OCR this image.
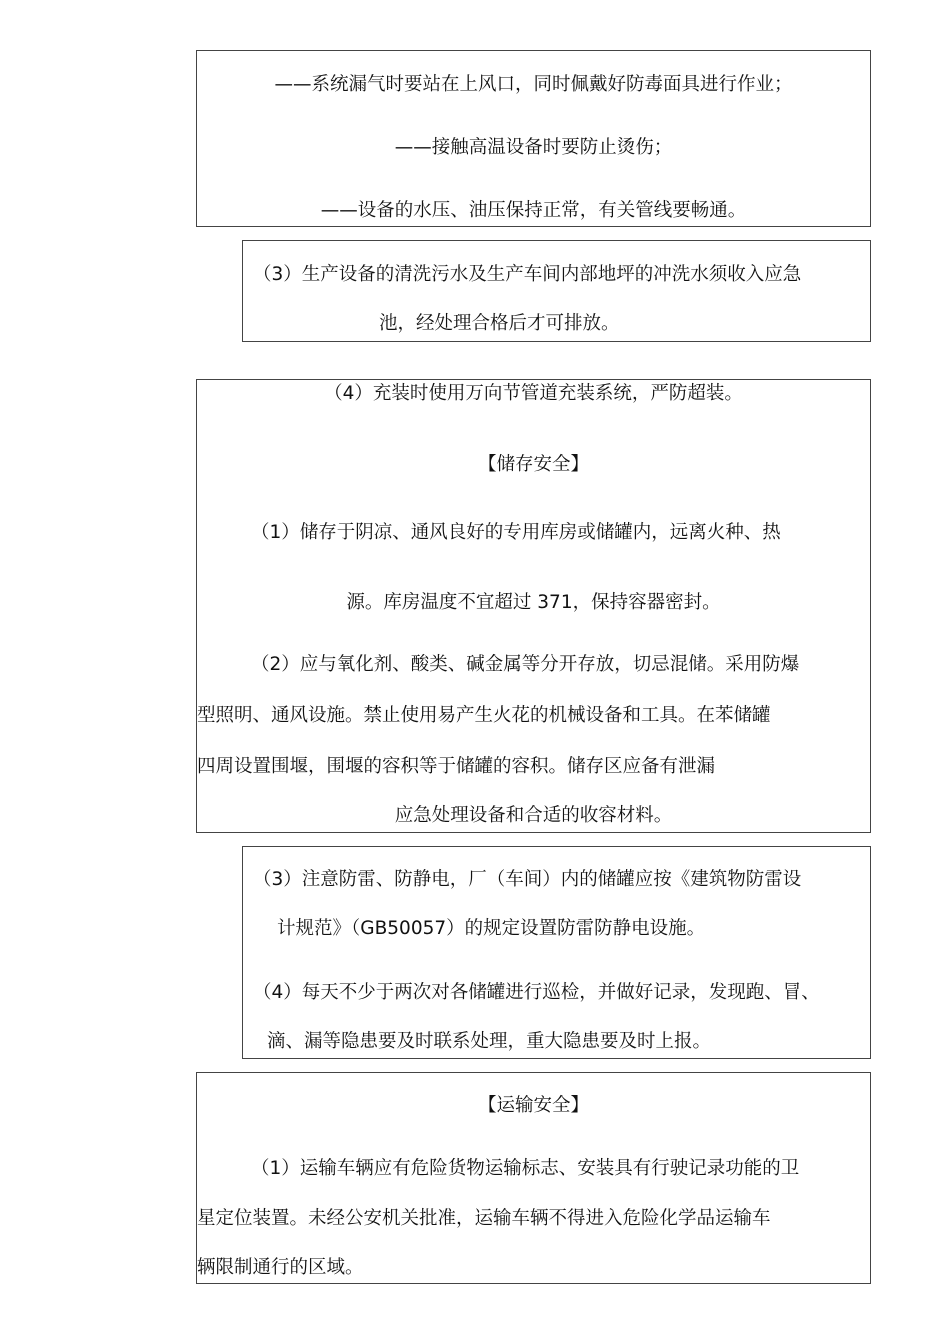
——系统漏气时要站在上风口，同时佩戴好防毒面具进行作业；
——接触高温设备时要防止烫伤；
——设备的水压、油压保持正常，有关管线要畅通。
（3）生产设备的清洗污水及生产车间内部地坪的冲洗水须收入应急
池，经处理合格后才可排放。
（4）充装时使用万向节管道充装系统，严防超装。
【储存安全】
（1）储存于阴凉、通风良好的专用库房或储罐内，远离火种、热
源。库房温度不宜超过 371，保持容器密封。
（2）应与氧化剂、酸类、碱金属等分开存放，切忌混储。采用防爆
型照明、通风设施。禁止使用易产生火花的机械设备和工具。在苯储罐
四周设置围堰，围堰的容积等于储罐的容积。储存区应备有泄漏
应急处理设备和合适的收容材料。
（3）注意防雷、防静电，厂（车间）内的储罐应按《建筑物防雷设
计规范》（GB50057）的规定设置防雷防静电设施。
（4）每天不少于两次对各储罐进行巡检，并做好记录，发现跑、冒、
滴、漏等隐患要及时联系处理，重大隐患要及时上报。
【运输安全】
（1）运输车辆应有危险货物运输标志、安装具有行驶记录功能的卫
星定位装置。未经公安机关批准，运输车辆不得进入危险化学品运输车
辆限制通行的区域。
